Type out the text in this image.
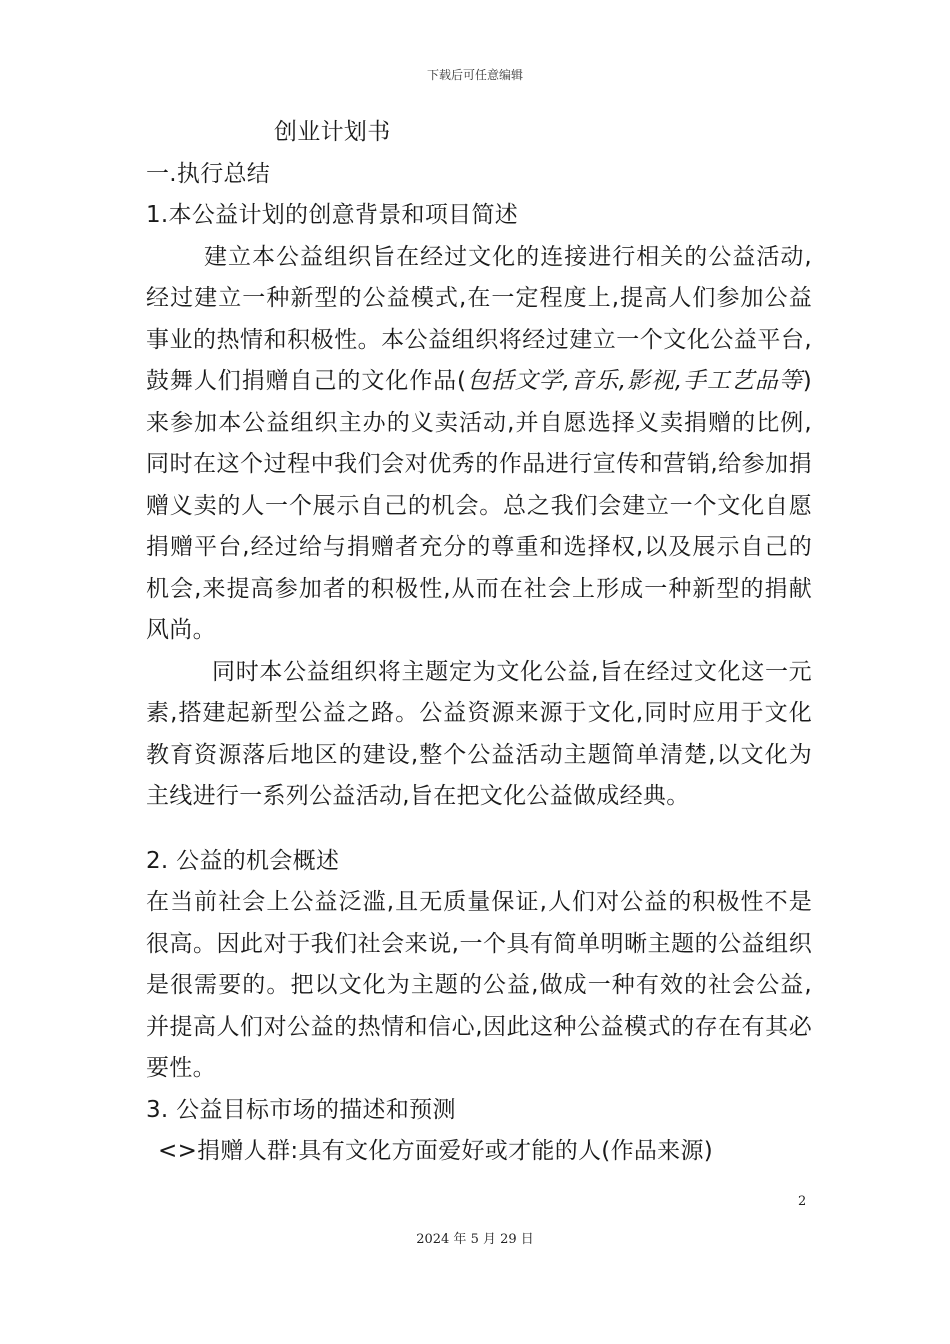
下载后可任意编辑
创业计划书
一.执行总结
1.本公益计划的创意背景和项目简述

建立本公益组织旨在经过文化的连接进行相关的公益活动,经过建立一种新型的公益模式,在一定程度上,提高人们参加公益事业的热情和积极性。本公益组织将经过建立一个文化公益平台,鼓舞人们捐赠自己的文化作品(包括文学,音乐,影视,手工艺品等)来参加本公益组织主办的义卖活动,并自愿选择义卖捐赠的比例,同时在这个过程中我们会对优秀的作品进行宣传和营销,给参加捐赠义卖的人一个展示自己的机会。总之我们会建立一个文化自愿捐赠平台,经过给与捐赠者充分的尊重和选择权,以及展示自己的机会,来提高参加者的积极性,从而在社会上形成一种新型的捐献风尚。

同时本公益组织将主题定为文化公益,旨在经过文化这一元素,搭建起新型公益之路。公益资源来源于文化,同时应用于文化教育资源落后地区的建设,整个公益活动主题简单清楚,以文化为主线进行一系列公益活动,旨在把文化公益做成经典。

2. 公益的机会概述

在当前社会上公益泛滥,且无质量保证,人们对公益的积极性不是很高。因此对于我们社会来说,一个具有简单明晰主题的公益组织是很需要的。把以文化为主题的公益,做成一种有效的社会公益,并提高人们对公益的热情和信心,因此这种公益模式的存在有其必要性。

3. 公益目标市场的描述和预测
<>捐赠人群:具有文化方面爱好或才能的人(作品来源)
2
2024 年 5 月 29 日
